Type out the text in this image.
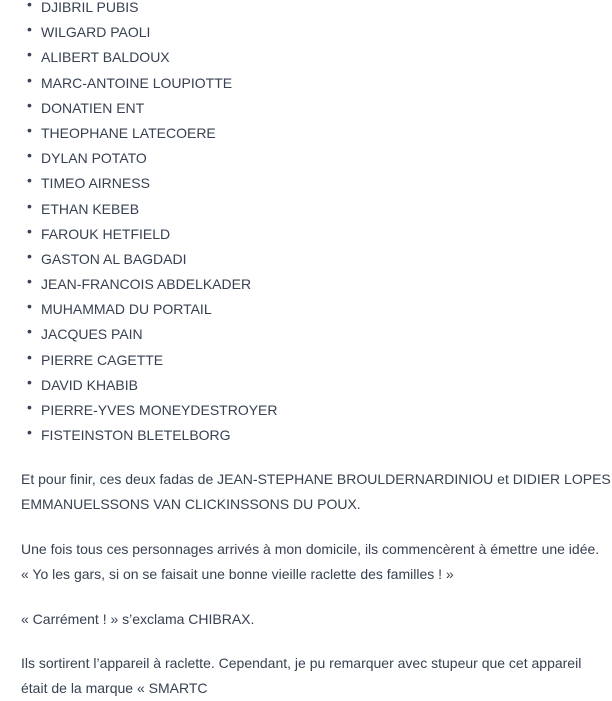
• DJIBRIL PUBIS
• WILGARD PAOLI
• ALIBERT BALDOUX
• MARC-ANTOINE LOUPIOTTE
• DONATIEN ENT
• THEOPHANE LATECOERE
• DYLAN POTATO
• TIMEO AIRNESS
• ETHAN KEBEB
• FAROUK HETFIELD
• GASTON AL BAGDADI
• JEAN-FRANCOIS ABDELKADER
• MUHAMMAD DU PORTAIL
• JACQUES PAIN
• PIERRE CAGETTE
• DAVID KHABIB
• PIERRE-YVES MONEYDESTROYER
• FISTEINSTON BLETELBORG

Et pour finir, ces deux fadas de JEAN-STEPHANE BROULDERNARDINIOU et DIDIER LOPES
EMMANUELSSONS VAN CLICKINSSONS DU POUX.

Une fois tous ces personnages arrivés à mon domicile, ils commencèrent à émettre une idée.
« Yo les gars, si on se faisait une bonne vieille raclette des familles ! »

« Carrément ! » s’exclama CHIBRAX.

Ils sortirent l’appareil à raclette. Cependant, je pu remarquer avec stupeur que cet appareil
était de la marque « SMARTC
